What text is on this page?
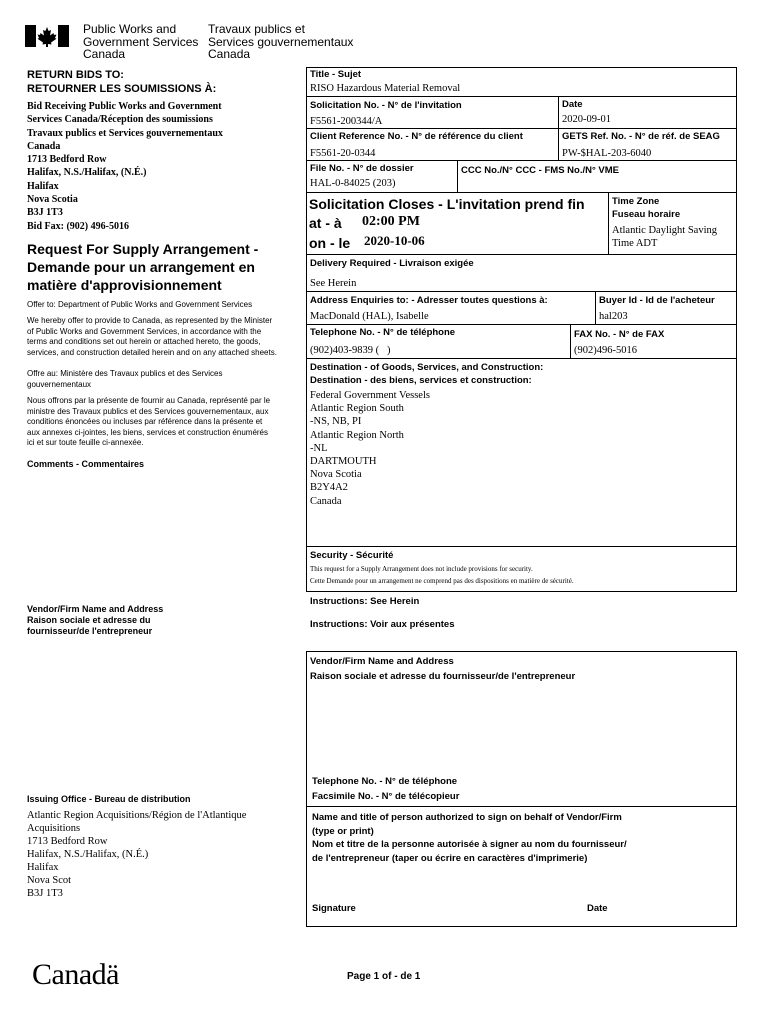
Public Works and
Government Services
Canada
Travaux publics et
Services gouvernementaux
Canada
RETURN BIDS TO:
RETOURNER LES SOUMISSIONS À:
Bid Receiving Public Works and Government
Services Canada/Réception des soumissions
Travaux publics et Services gouvernementaux
Canada
1713 Bedford Row
Halifax, N.S./Halifax, (N.É.)
Halifax
Nova Scotia
B3J 1T3
Bid Fax: (902) 496-5016
Request For Supply Arrangement -
Demande pour un arrangement en
matière d'approvisionnement
Offer to: Department of Public Works and Government Services
We hereby offer to provide to Canada, as represented by the Minister
of Public Works and Government Services, in accordance with the
terms and conditions set out herein or attached hereto, the goods,
services, and construction detailed herein and on any attached sheets.
Offre au: Ministère des Travaux publics et des Services
gouvernementaux
Nous offrons par la présente de fournir au Canada, représenté par le
ministre des Travaux publics et des Services gouvernementaux, aux
conditions énoncées ou incluses par référence dans la présente et
aux annexes ci-jointes, les biens, services et construction énumérés
ici et sur toute feuille ci-annexée.
Comments - Commentaires
Vendor/Firm Name and Address
Raison sociale et adresse du
fournisseur/de l'entrepreneur
Issuing Office - Bureau de distribution
Atlantic Region Acquisitions/Région de l'Atlantique
Acquisitions
1713 Bedford Row
Halifax, N.S./Halifax, (N.É.)
Halifax
Nova Scot
B3J 1T3
Title - Sujet
RISO Hazardous Material Removal
Solicitation No. - N° de l'invitation
F5561-200344/A
Date
2020-09-01
Client Reference No. - N° de référence du client
F5561-20-0344
GETS Ref. No. - N° de réf. de SEAG
PW-$HAL-203-6040
File No. - N° de dossier
HAL-0-84025 (203)
CCC No./N° CCC - FMS No./N° VME
Solicitation Closes - L'invitation prend fin
at - à 02:00 PM
on - le 2020-10-06
Time Zone
Fuseau horaire
Atlantic Daylight Saving
Time ADT
Delivery Required - Livraison exigée
See Herein
Address Enquiries to: - Adresser toutes questions à:
MacDonald (HAL), Isabelle
Buyer Id - Id de l'acheteur
hal203
Telephone No. - N° de téléphone
(902)403-9839 (   )
FAX No. - N° de FAX
(902)496-5016
Destination - of Goods, Services, and Construction:
Destination - des biens, services et construction:
Federal Government Vessels
Atlantic Region South
-NS, NB, PI
Atlantic Region North
-NL
DARTMOUTH
Nova Scotia
B2Y4A2
Canada
Security - Sécurité
This request for a Supply Arrangement does not include provisions for security.
Cette Demande pour un arrangement ne comprend pas des dispositions en matière de sécurité.
Instructions: See Herein
Instructions: Voir aux présentes
Vendor/Firm Name and Address
Raison sociale et adresse du fournisseur/de l'entrepreneur
Telephone No. - N° de téléphone
Facsimile No. - N° de télécopieur
Name and title of person authorized to sign on behalf of Vendor/Firm
(type or print)
Nom et titre de la personne autorisée à signer au nom du fournisseur/
de l'entrepreneur (taper ou écrire en caractères d'imprimerie)
Signature	Date
Canadä	Page 1 of - de 1
